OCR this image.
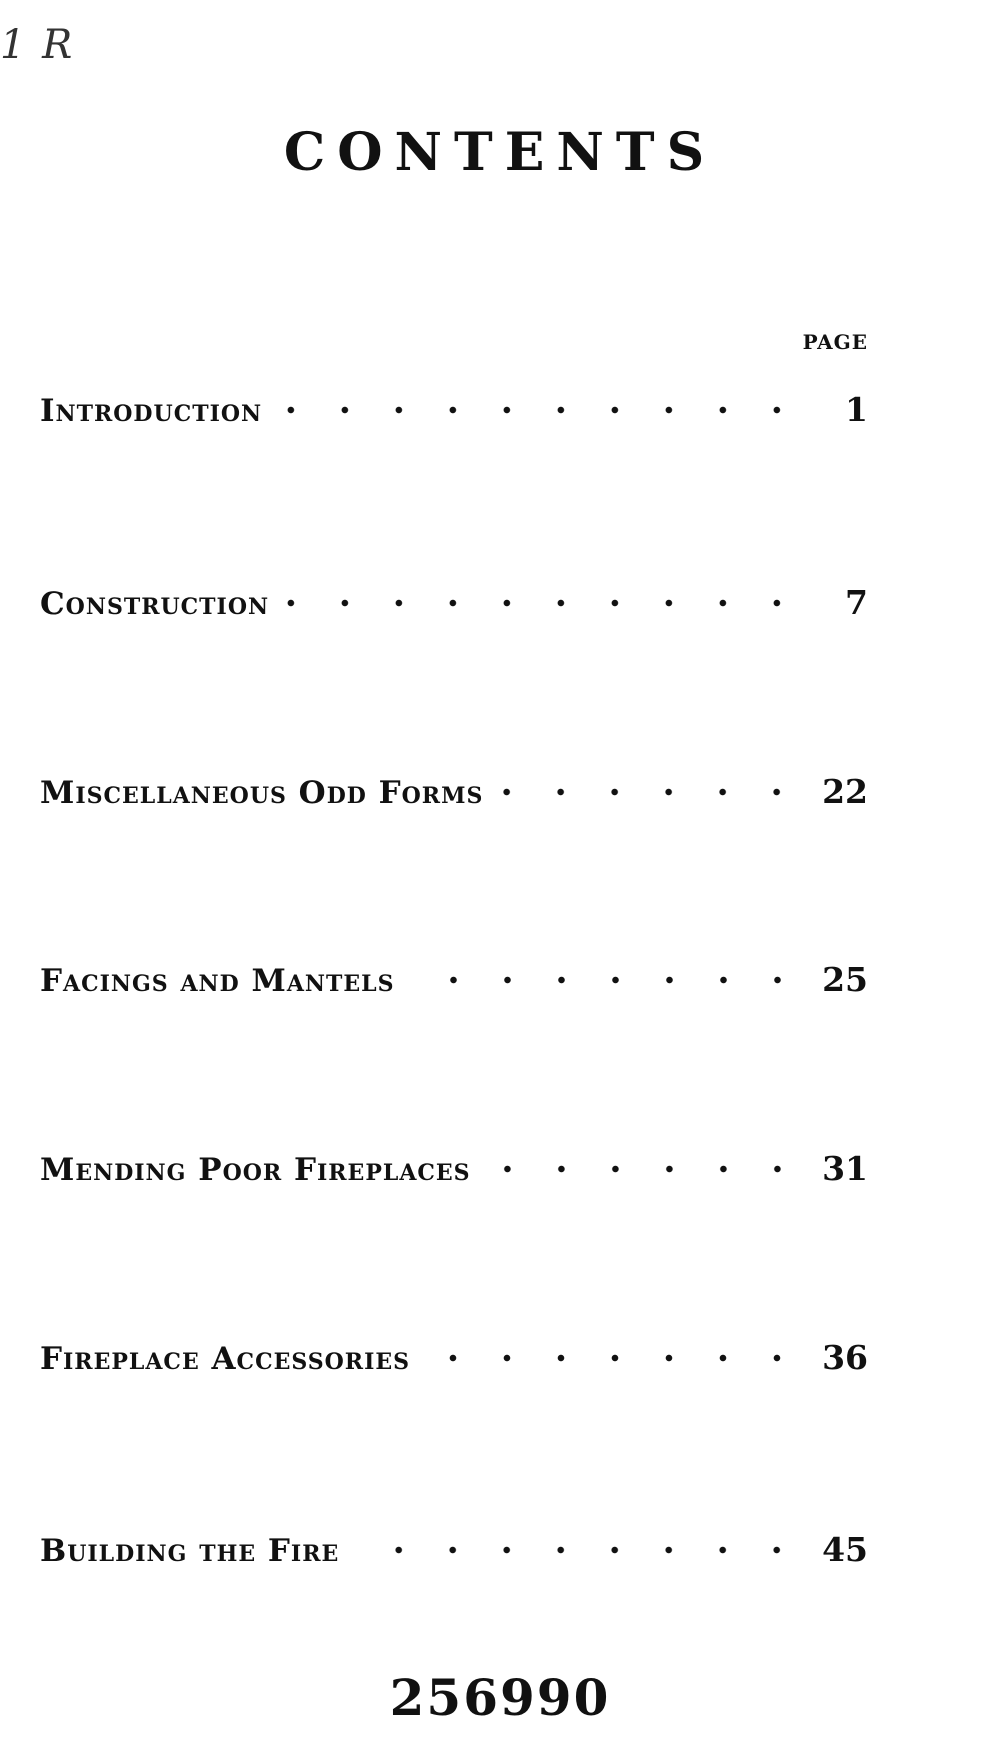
1 R
CONTENTS
PAGE
Introduction	1
Construction	7
Miscellaneous Odd Forms	22
Facings and Mantels	25
Mending Poor Fireplaces	31
Fireplace Accessories	36
Building the Fire	45
256990
